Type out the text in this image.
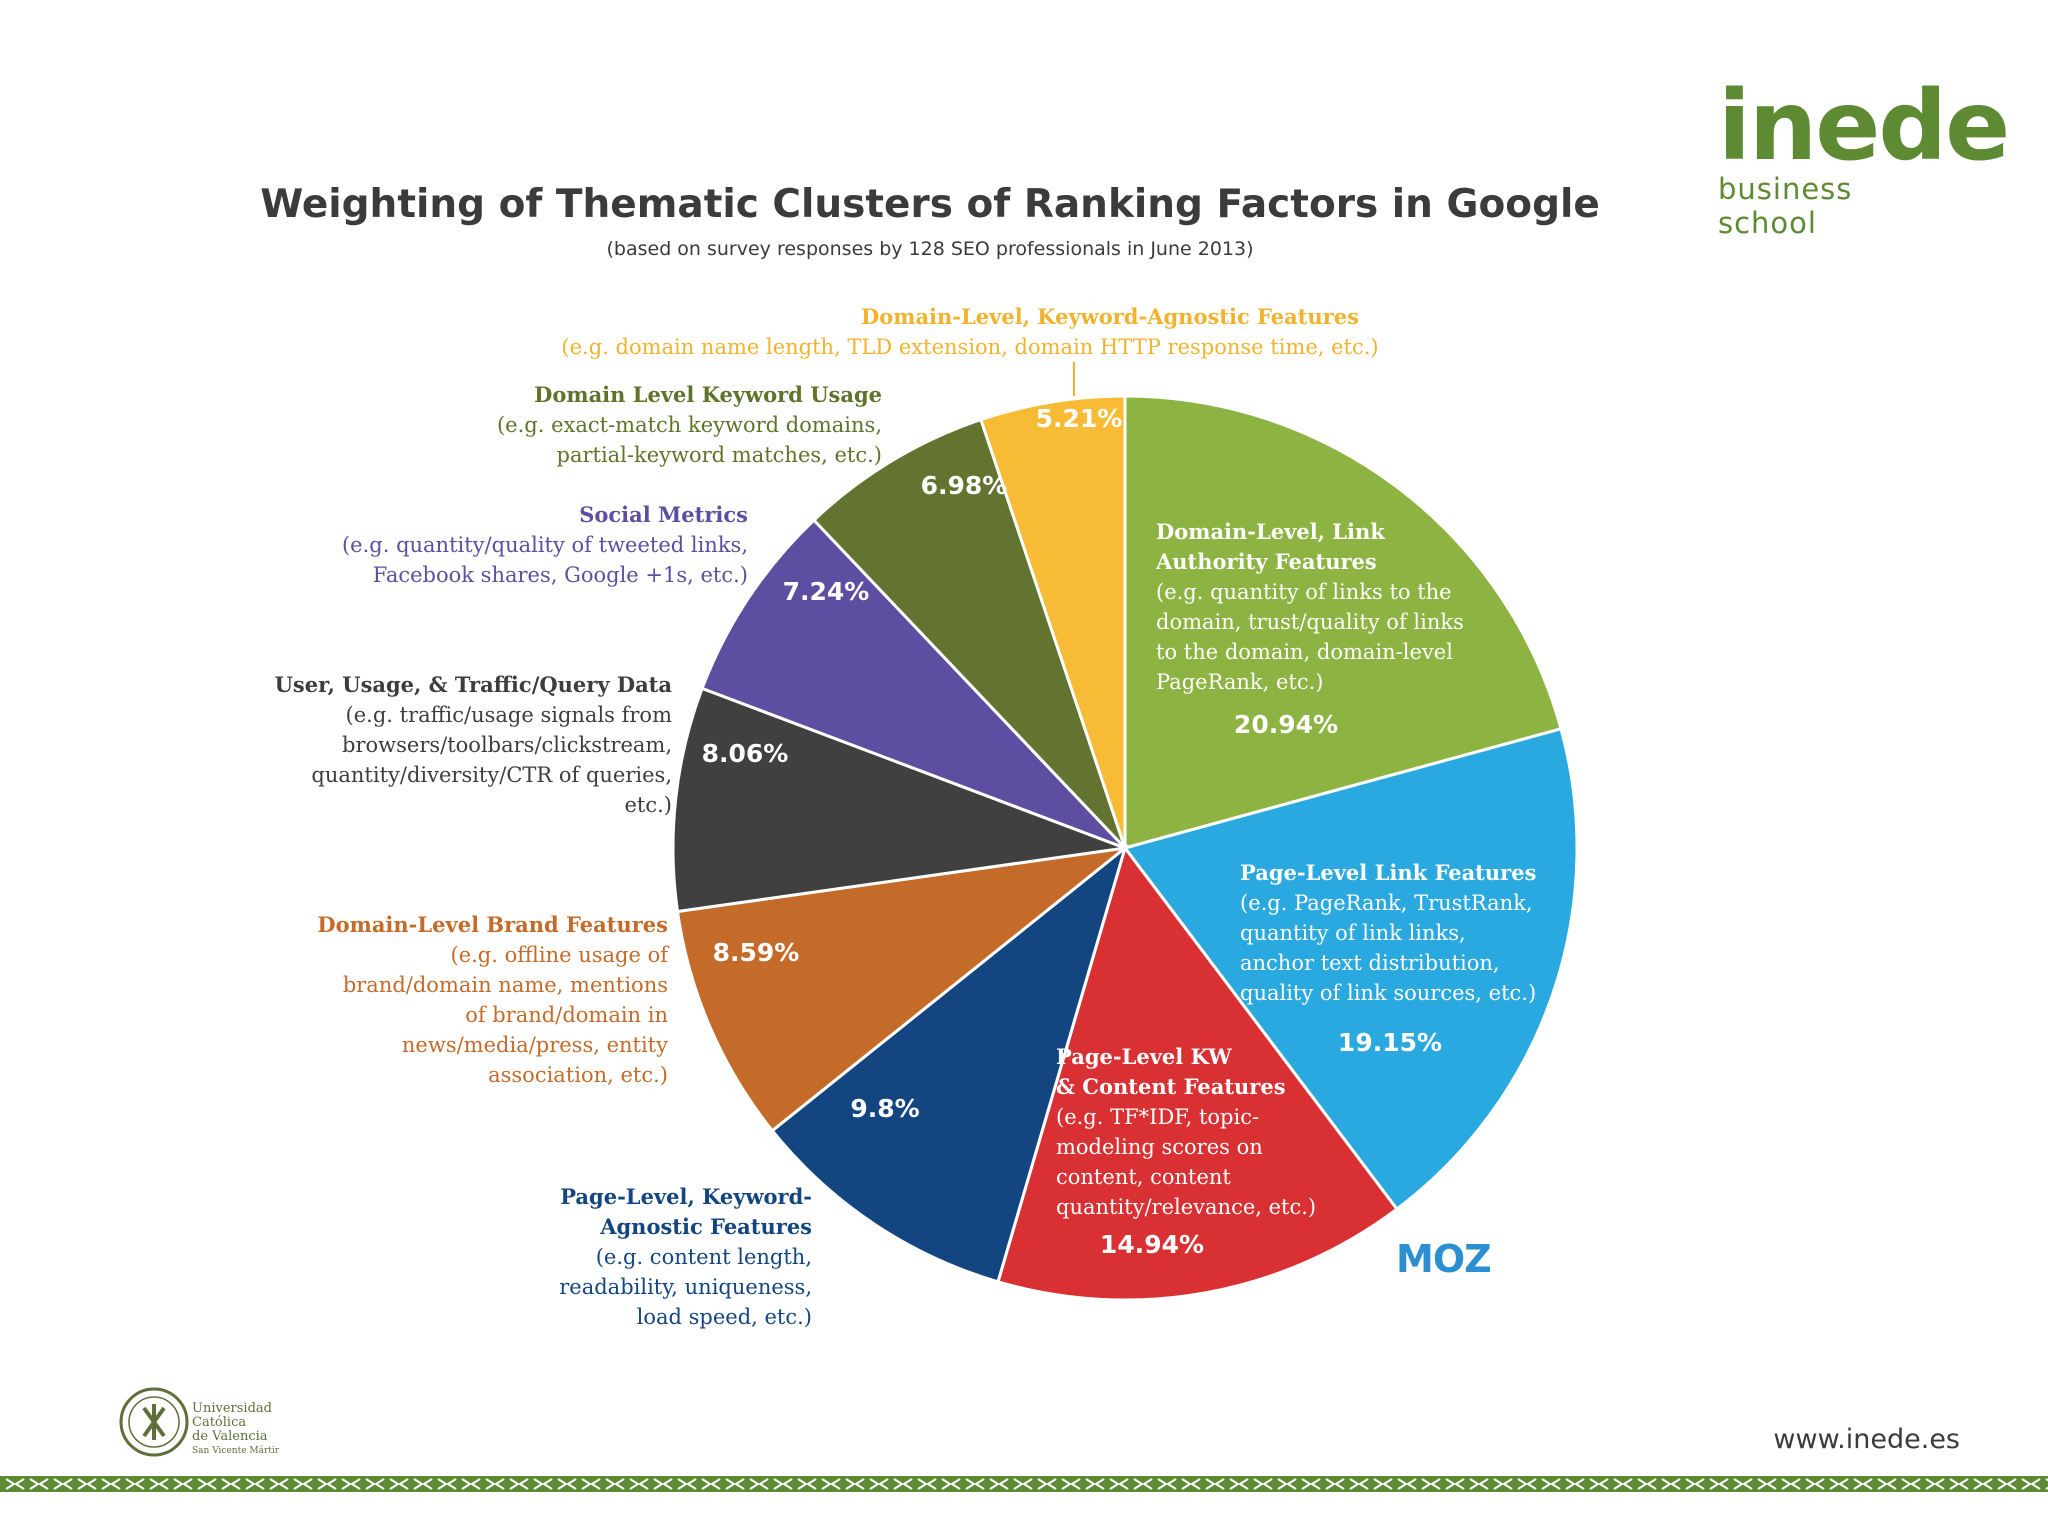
Weighting of Thematic Clusters of Ranking Factors in Google
(based on survey responses by 128 SEO professionals in June 2013)
inede
business school
20.94%
19.15%
14.94%
9.8%
8.59%
8.06%
7.24%
6.98%
5.21%
Domain-Level, Link
Authority Features
(e.g. quantity of links to the
domain, trust/quality of links
to the domain, domain-level
PageRank, etc.)
Page-Level Link Features
(e.g. PageRank, TrustRank,
quantity of link links,
anchor text distribution,
quality of link sources, etc.)
Page-Level KW
& Content Features
(e.g. TF*IDF, topic-
modeling scores on
content, content
quantity/relevance, etc.)
Page-Level, Keyword-
Agnostic Features
(e.g. content length,
readability, uniqueness,
load speed, etc.)
Domain-Level Brand Features
(e.g. offline usage of
brand/domain name, mentions
of brand/domain in
news/media/press, entity
association, etc.)
User, Usage, & Traffic/Query Data
(e.g. traffic/usage signals from
browsers/toolbars/clickstream,
quantity/diversity/CTR of queries,
etc.)
Social Metrics
(e.g. quantity/quality of tweeted links,
Facebook shares, Google +1s, etc.)
Domain Level Keyword Usage
(e.g. exact-match keyword domains,
partial-keyword matches, etc.)
Domain-Level, Keyword-Agnostic Features
(e.g. domain name length, TLD extension, domain HTTP response time, etc.)
MOZ
Universidad
Católica
de Valencia
San Vicente Mártir	www.inede.es
